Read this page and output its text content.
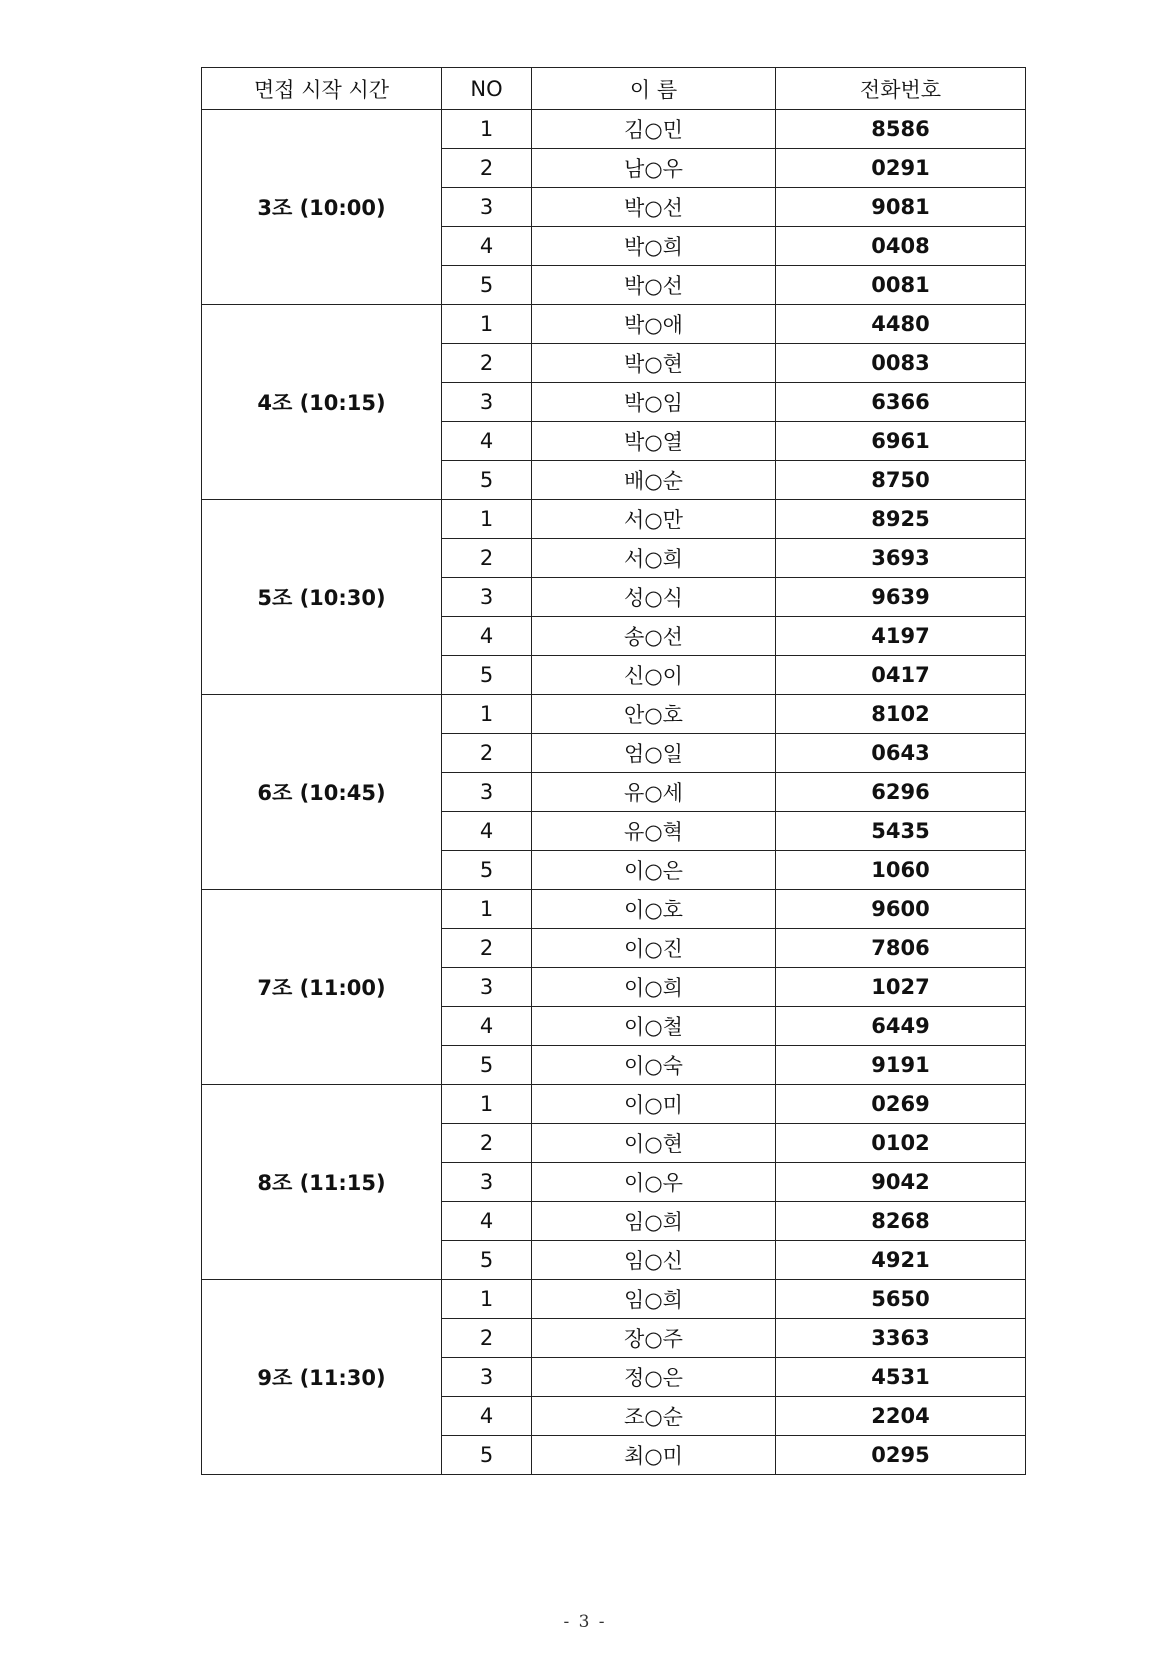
면접 시작 시간	NO	이 름	전화번호
3조 (10:00)	1	김○민	8586
	2	남○우	0291
	3	박○선	9081
	4	박○희	0408
	5	박○선	0081
4조 (10:15)	1	박○애	4480
	2	박○현	0083
	3	박○임	6366
	4	박○열	6961
	5	배○순	8750
5조 (10:30)	1	서○만	8925
	2	서○희	3693
	3	성○식	9639
	4	송○선	4197
	5	신○이	0417
6조 (10:45)	1	안○호	8102
	2	엄○일	0643
	3	유○세	6296
	4	유○혁	5435
	5	이○은	1060
7조 (11:00)	1	이○호	9600
	2	이○진	7806
	3	이○희	1027
	4	이○철	6449
	5	이○숙	9191
8조 (11:15)	1	이○미	0269
	2	이○현	0102
	3	이○우	9042
	4	임○희	8268
	5	임○신	4921
9조 (11:30)	1	임○희	5650
	2	장○주	3363
	3	정○은	4531
	4	조○순	2204
	5	최○미	0295
- 3 -
